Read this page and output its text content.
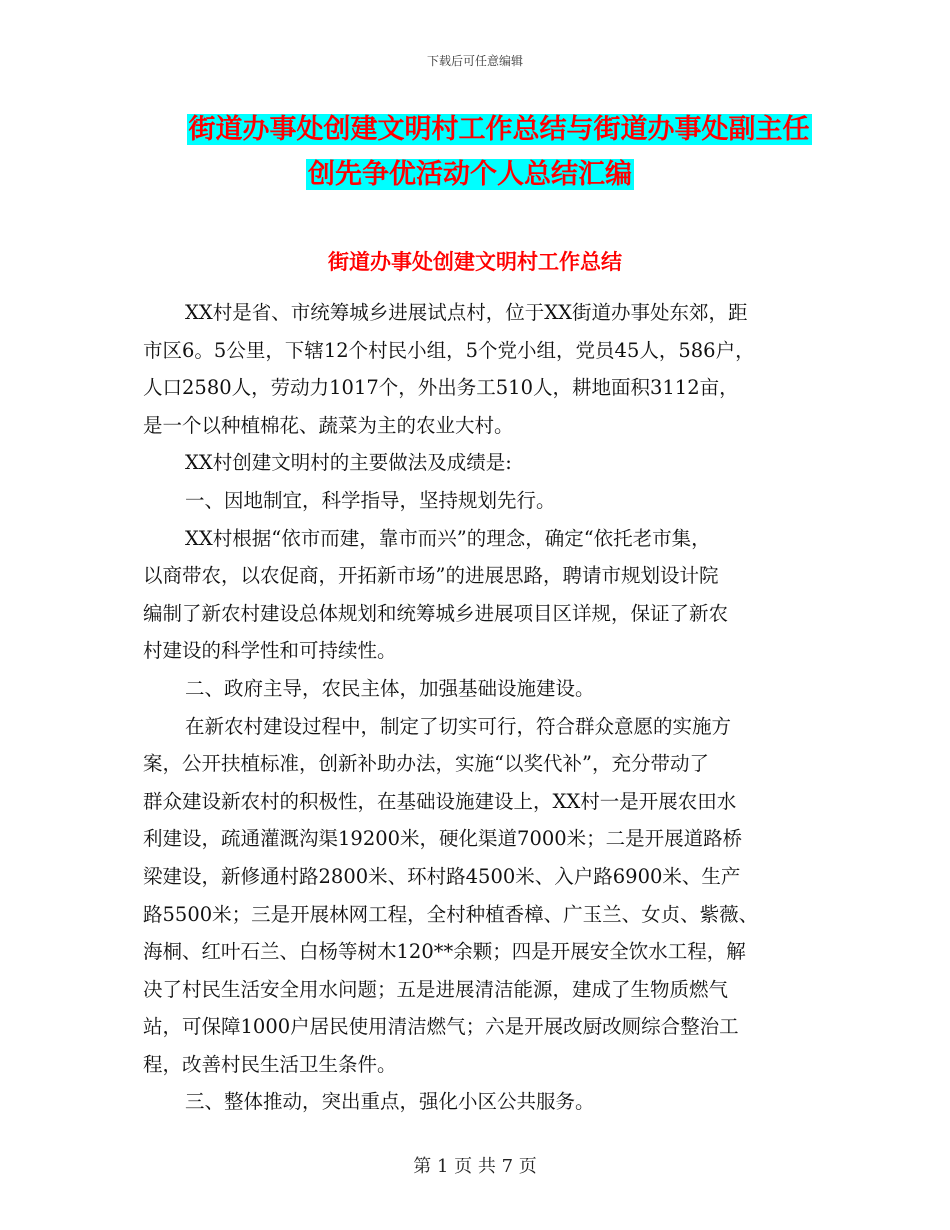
下载后可任意编辑
街道办事处创建文明村工作总结与街道办事处副主任
创先争优活动个人总结汇编
街道办事处创建文明村工作总结
XX村是省、市统筹城乡进展试点村，位于XX街道办事处东郊，距
市区6。5公里，下辖12个村民小组，5个党小组，党员45人，586户，
人口2580人，劳动力1017个，外出务工510人，耕地面积3112亩，
是一个以种植棉花、蔬菜为主的农业大村。
XX村创建文明村的主要做法及成绩是:
一、因地制宜，科学指导，坚持规划先行。
XX村根据“依市而建，靠市而兴”的理念，确定“依托老市集，
以商带农，以农促商，开拓新市场”的进展思路，聘请市规划设计院
编制了新农村建设总体规划和统筹城乡进展项目区详规，保证了新农
村建设的科学性和可持续性。
二、政府主导，农民主体，加强基础设施建设。
在新农村建设过程中，制定了切实可行，符合群众意愿的实施方
案，公开扶植标准，创新补助办法，实施“以奖代补”，充分带动了
群众建设新农村的积极性，在基础设施建设上，XX村一是开展农田水
利建设，疏通灌溉沟渠19200米，硬化渠道7000米；二是开展道路桥
梁建设，新修通村路2800米、环村路4500米、入户路6900米、生产
路5500米；三是开展林网工程，全村种植香樟、广玉兰、女贞、紫薇、
海桐、红叶石兰、白杨等树木120**余颗；四是开展安全饮水工程，解
决了村民生活安全用水问题；五是进展清洁能源，建成了生物质燃气
站，可保障1000户居民使用清洁燃气；六是开展改厨改厕综合整治工
程，改善村民生活卫生条件。
三、整体推动，突出重点，强化小区公共服务。
第 1 页 共 7 页
